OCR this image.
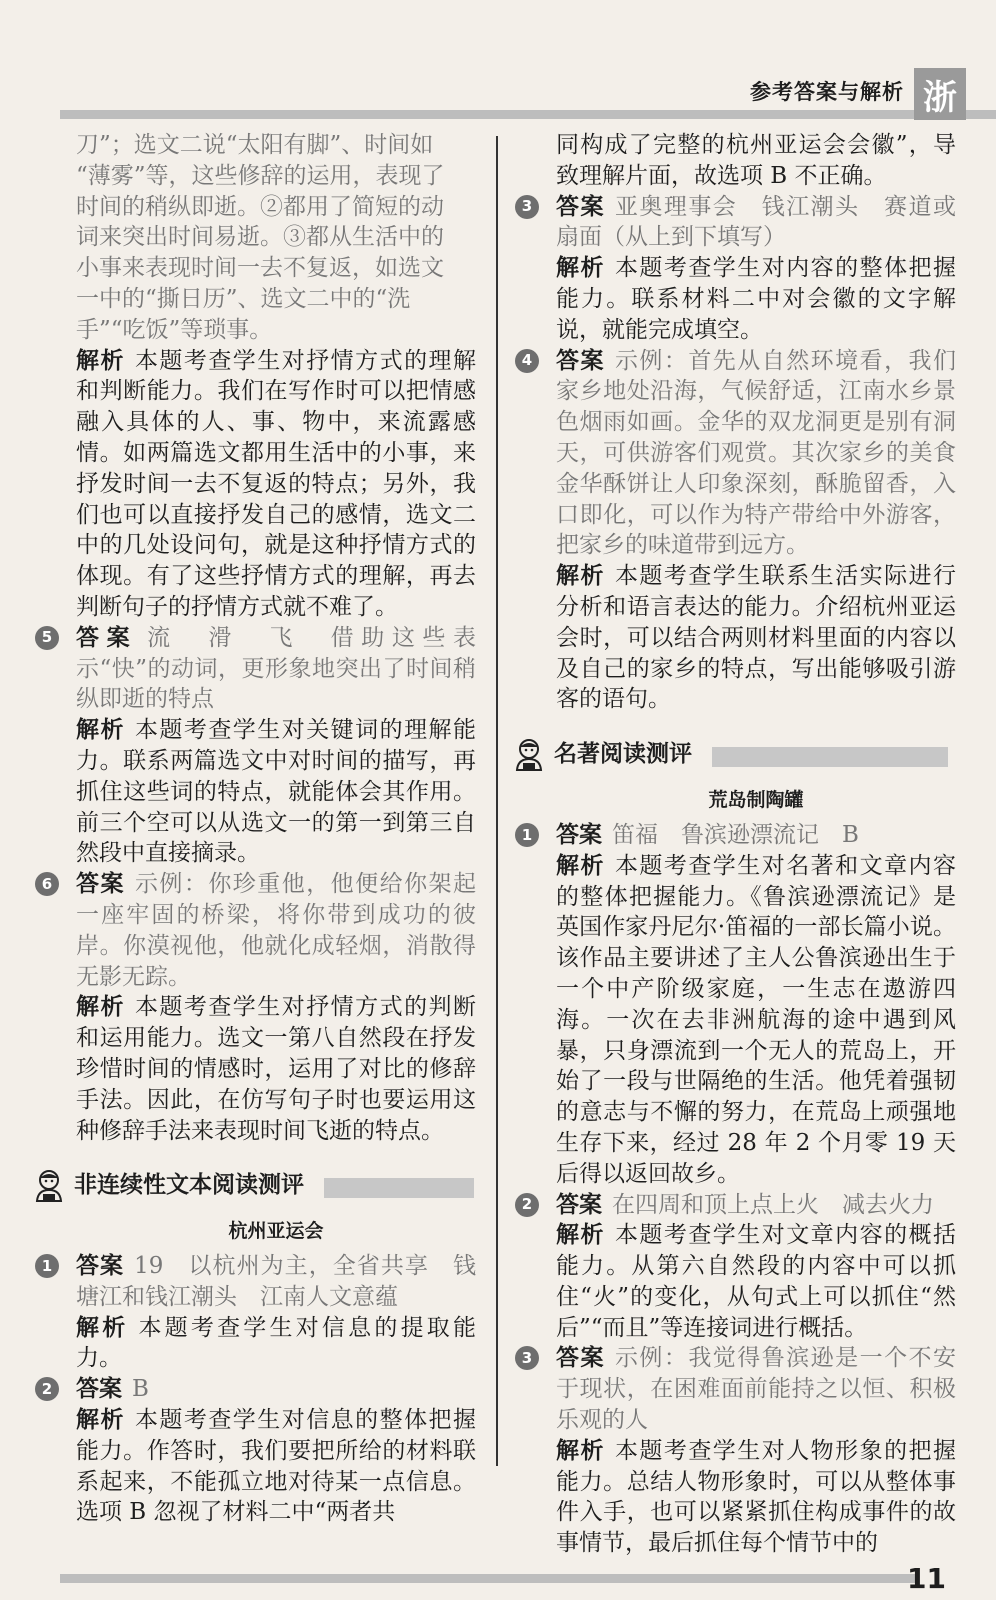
参考答案与解析 浙

刀”；选文二说“太阳有脚”、时间如
“薄雾”等，这些修辞的运用，表现了
时间的稍纵即逝。②都用了简短的动
词来突出时间易逝。③都从生活中的
小事来表现时间一去不复返，如选文
一中的“撕日历”、选文二中的“洗
手”“吃饭”等琐事。

解析 本题考查学生对抒情方式的理解和判断能力。我们在写作时可以把情感融入具体的人、事、物中，来流露感情。如两篇选文都用生活中的小事，来抒发时间一去不复返的特点；另外，我们也可以直接抒发自己的感情，选文二中的几处设问句，就是这种抒情方式的体现。有了这些抒情方式的理解，再去判断句子的抒情方式就不难了。

5 答案 流　滑　飞　借助这些表示“快”的动词，更形象地突出了时间稍纵即逝的特点

解析 本题考查学生对关键词的理解能力。联系两篇选文中对时间的描写，再抓住这些词的特点，就能体会其作用。前三个空可以从选文一的第一到第三自然段中直接摘录。

6 答案 示例：你珍重他，他便给你架起一座牢固的桥梁，将你带到成功的彼岸。你漠视他，他就化成轻烟，消散得无影无踪。

解析 本题考查学生对抒情方式的判断和运用能力。选文一第八自然段在抒发珍惜时间的情感时，运用了对比的修辞手法。因此，在仿写句子时也要运用这种修辞手法来表现时间飞逝的特点。

非连续性文本阅读测评

杭州亚运会

1 答案 19　以杭州为主，全省共享　钱塘江和钱江潮头　江南人文意蕴

解析 本题考查学生对信息的提取能力。

2 答案 B

解析 本题考查学生对信息的整体把握能力。作答时，我们要把所给的材料联系起来，不能孤立地对待某一点信息。选项 B 忽视了材料二中“两者共

同构成了完整的杭州亚运会会徽”，导致理解片面，故选项 B 不正确。

3 答案 亚奥理事会　钱江潮头　赛道或扇面（从上到下填写）

解析 本题考查学生对内容的整体把握能力。联系材料二中对会徽的文字解说，就能完成填空。

4 答案 示例：首先从自然环境看，我们家乡地处沿海，气候舒适，江南水乡景色烟雨如画。金华的双龙洞更是别有洞天，可供游客们观赏。其次家乡的美食金华酥饼让人印象深刻，酥脆留香，入口即化，可以作为特产带给中外游客，把家乡的味道带到远方。

解析 本题考查学生联系生活实际进行分析和语言表达的能力。介绍杭州亚运会时，可以结合两则材料里面的内容以及自己的家乡的特点，写出能够吸引游客的语句。

名著阅读测评

荒岛制陶罐

1 答案 笛福　鲁滨逊漂流记　B

解析 本题考查学生对名著和文章内容的整体把握能力。《鲁滨逊漂流记》是英国作家丹尼尔·笛福的一部长篇小说。该作品主要讲述了主人公鲁滨逊出生于一个中产阶级家庭，一生志在遨游四海。一次在去非洲航海的途中遇到风暴，只身漂流到一个无人的荒岛上，开始了一段与世隔绝的生活。他凭着强韧的意志与不懈的努力，在荒岛上顽强地生存下来，经过 28 年 2 个月零 19 天后得以返回故乡。

2 答案 在四周和顶上点上火　减去火力

解析 本题考查学生对文章内容的概括能力。从第六自然段的内容中可以抓住“火”的变化，从句式上可以抓住“然后”“而且”等连接词进行概括。

3 答案 示例：我觉得鲁滨逊是一个不安于现状，在困难面前能持之以恒、积极乐观的人

解析 本题考查学生对人物形象的把握能力。总结人物形象时，可以从整体事件入手，也可以紧紧抓住构成事件的故事情节，最后抓住每个情节中的

11
